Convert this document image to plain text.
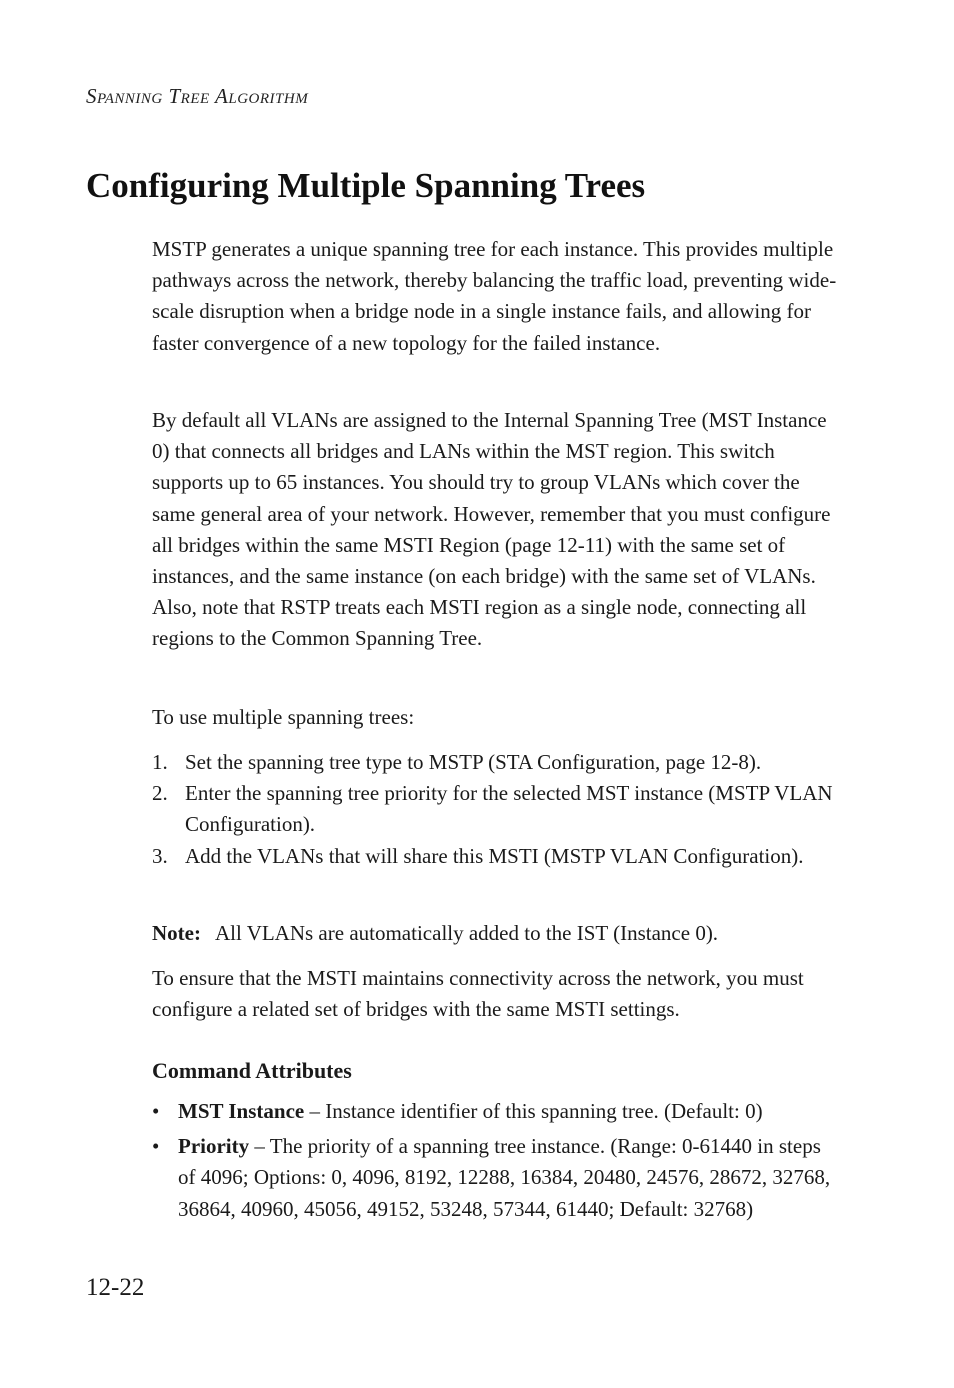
Spanning Tree Algorithm
Configuring Multiple Spanning Trees

MSTP generates a unique spanning tree for each instance. This provides multiple pathways across the network, thereby balancing the traffic load, preventing wide-scale disruption when a bridge node in a single instance fails, and allowing for faster convergence of a new topology for the failed instance.

By default all VLANs are assigned to the Internal Spanning Tree (MST Instance 0) that connects all bridges and LANs within the MST region. This switch supports up to 65 instances. You should try to group VLANs which cover the same general area of your network. However, remember that you must configure all bridges within the same MSTI Region (page 12-11) with the same set of instances, and the same instance (on each bridge) with the same set of VLANs. Also, note that RSTP treats each MSTI region as a single node, connecting all regions to the Common Spanning Tree.

To use multiple spanning trees:

1. Set the spanning tree type to MSTP (STA Configuration, page 12-8).
2. Enter the spanning tree priority for the selected MST instance (MSTP VLAN Configuration).
3. Add the VLANs that will share this MSTI (MSTP VLAN Configuration).
Note: All VLANs are automatically added to the IST (Instance 0).

To ensure that the MSTI maintains connectivity across the network, you must configure a related set of bridges with the same MSTI settings.

Command Attributes
• MST Instance – Instance identifier of this spanning tree. (Default: 0)
• Priority – The priority of a spanning tree instance. (Range: 0-61440 in steps of 4096; Options: 0, 4096, 8192, 12288, 16384, 20480, 24576, 28672, 32768, 36864, 40960, 45056, 49152, 53248, 57344, 61440; Default: 32768)
12-22
